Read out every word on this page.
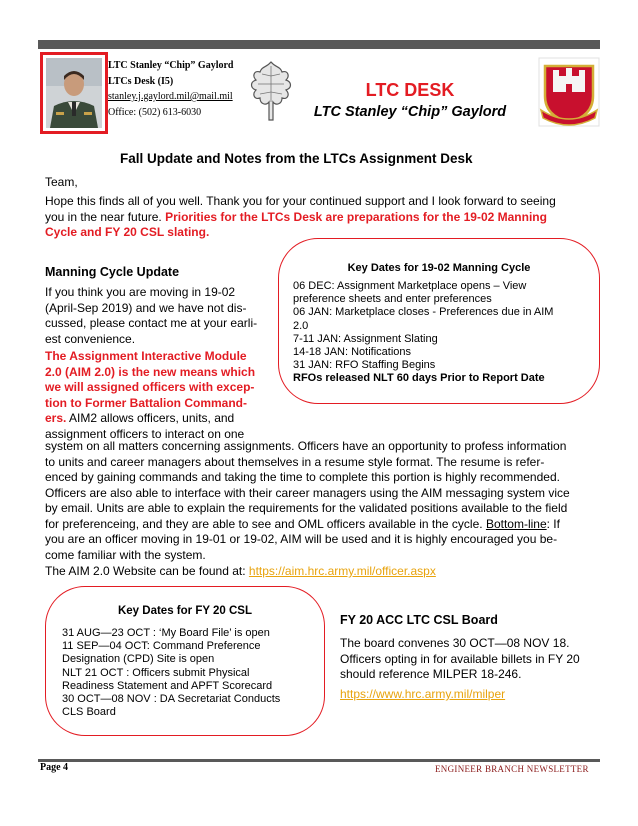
LTC Stanley “Chip” Gaylord
LTCs Desk (I5)
stanley.j.gaylord.mil@mail.mil
Office: (502) 613-6030
LTC DESK
LTC Stanley “Chip” Gaylord
Fall Update and Notes from the LTCs Assignment Desk
Team,
Hope this finds all of you well. Thank you for your continued support and I look forward to seeing
you in the near future. Priorities for the LTCs Desk are preparations for the 19-02 Manning
Cycle and FY 20 CSL slating.
Manning Cycle Update
If you think you are moving in 19-02
(April-Sep 2019) and we have not dis-
cussed, please contact me at your earli-
est convenience.
The Assignment Interactive Module
2.0 (AIM 2.0) is the new means which
we will assigned officers with excep-
tion to Former Battalion Command-
ers. AIM2 allows officers, units, and
assignment officers to interact on one
Key Dates for 19-02 Manning Cycle
06 DEC: Assignment Marketplace opens – View
preference sheets and enter preferences
06 JAN: Marketplace closes - Preferences due in AIM
2.0
7-11 JAN: Assignment Slating
14-18 JAN: Notifications
31 JAN: RFO Staffing Begins
RFOs released NLT 60 days Prior to Report Date
system on all matters concerning assignments. Officers have an opportunity to profess information
to units and career managers about themselves in a resume style format. The resume is refer-
enced by gaining commands and taking the time to complete this portion is highly recommended.
Officers are also able to interface with their career managers using the AIM messaging system vice
by email. Units are able to explain the requirements for the validated positions available to the field
for preferenceing, and they are able to see and OML officers available in the cycle. Bottom-line: If
you are an officer moving in 19-01 or 19-02, AIM will be used and it is highly encouraged you be-
come familiar with the system.
The AIM 2.0 Website can be found at: https://aim.hrc.army.mil/officer.aspx
Key Dates for FY 20 CSL
31 AUG—23 OCT : ‘My Board File’ is open
11 SEP—04 OCT: Command Preference
Designation (CPD) Site is open
NLT 21 OCT : Officers submit Physical
Readiness Statement and APFT Scorecard
30 OCT—08 NOV : DA Secretariat Conducts
CLS Board
FY 20 ACC LTC CSL Board
The board convenes 30 OCT—08 NOV 18.
Officers opting in for available billets in FY 20
should reference MILPER 18-246.
https://www.hrc.army.mil/milper
Page 4	ENGINEER BRANCH NEWSLETTER
